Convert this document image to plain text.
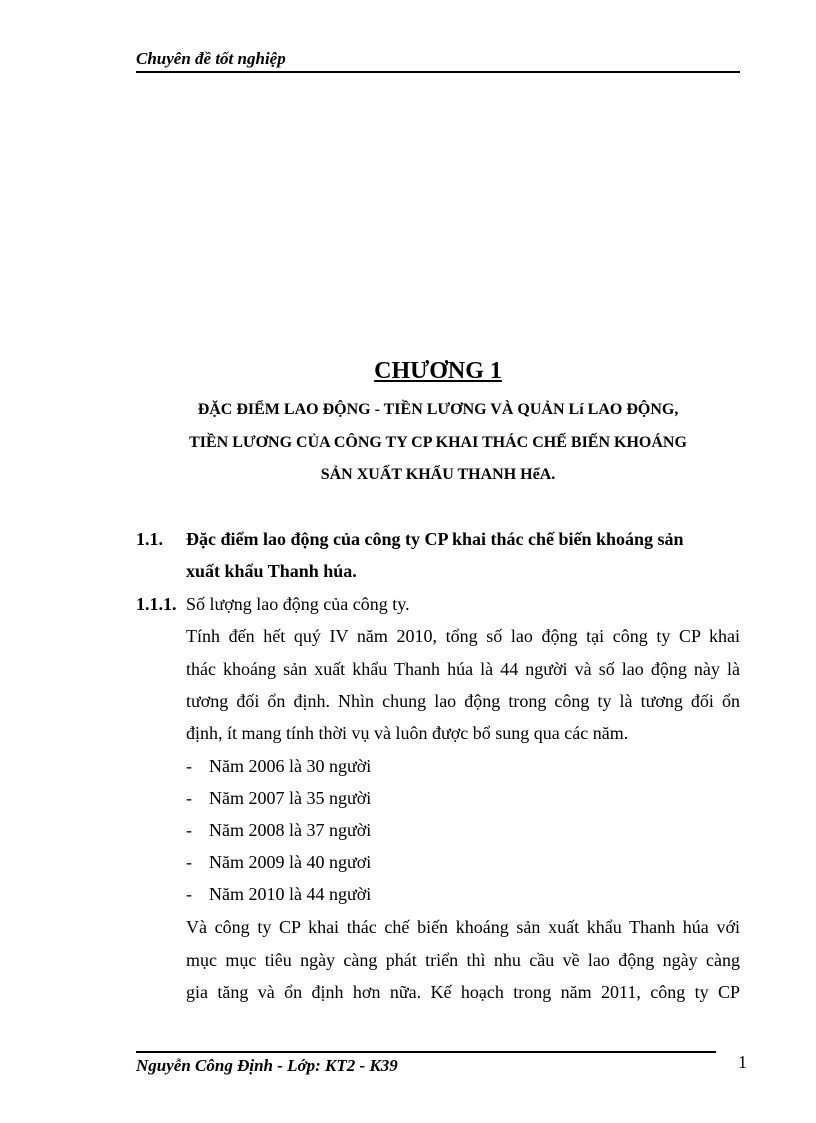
Chuyên đề tốt nghiệp
CHƯƠNG 1
ĐẶC ĐIỂM LAO ĐỘNG - TIỀN LƯƠNG VÀ QUẢN Lí LAO ĐỘNG,
TIỀN LƯƠNG CỦA CÔNG TY CP KHAI THÁC CHẾ BIẾN KHOÁNG
SẢN XUẤT KHẨU THANH HểA.
1.1. Đặc điểm lao động của công ty CP khai thác chế biến khoáng sản
xuất khẩu Thanh húa.
1.1.1. Số lượng lao động của công ty.
Tính đến hết quý IV năm 2010, tổng số lao động tại công ty CP khai
thác khoáng sản xuất khẩu Thanh húa là 44 người và số lao động này là
tương đối ổn định. Nhìn chung lao động trong công ty là tương đối ổn
định, ít mang tính thời vụ và luôn được bổ sung qua các năm.
- Năm 2006 là 30 người
- Năm 2007 là 35 người
- Năm 2008 là 37 người
- Năm 2009 là 40 ngươi
- Năm 2010 là 44 người
Và công ty CP khai thác chế biến khoáng sản xuất khẩu Thanh húa với
mục mục tiêu ngày càng phát triển thì nhu cầu về lao động ngày càng
gia tăng và ổn định hơn nữa. Kế hoạch trong năm 2011, công ty CP
Nguyễn Công Định - Lớp: KT2 - K39	1
